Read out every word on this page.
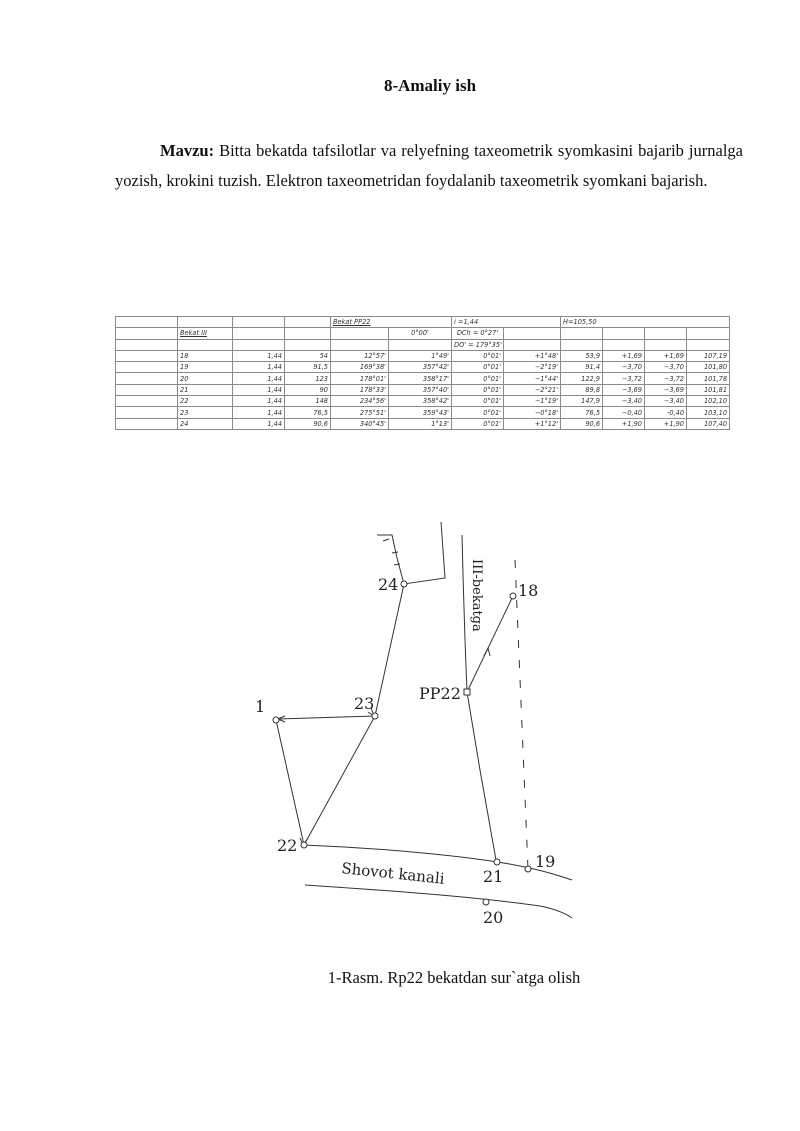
8-Amaliy ish

Mavzu: Bitta bekatda tafsilotlar va relyefning taxeometrik syomkasini bajarib jurnalga yozish, krokini tuzish. Elektron taxeometridan foydalanib taxeometrik syomkani bajarish.

				Bekat PP22		i =1,44		H=105,50			
	Bekat III				0°00'	DCh = 0°27'					
						DO' = 179°35'					
	18	1,44	54	12°57'	1°49'	0°01'	+1°48'	53,9	+1,69	+1,69	107,19
	19	1,44	91,5	169°38'	357°42'	0°01'	−2°19'	91,4	−3,70	−3,70	101,80
	20	1,44	123	178°01'	358°17'	0°01'	−1°44'	122,9	−3,72	−3,72	101,78
	21	1,44	90	178°33'	357°40'	0°01'	−2°21'	89,8	−3,69	−3,69	101,81
	22	1,44	148	234°56'	358°42'	0°01'	−1°19'	147,9	−3,40	−3,40	102,10
	23	1,44	76,5	275°51'	359°43'	0°01'	−0°18'	76,5	−0,40	-0,40	103,10
	24	1,44	90,6	340°45'	1°13'	0°01'	+1°12'	90,6	+1,90	+1,90	107,40
24	18
23
1
PP22
22
21
19
20
III-bekatga
Shovot kanali
1-Rasm. Rp22 bekatdan sur`atga olish
